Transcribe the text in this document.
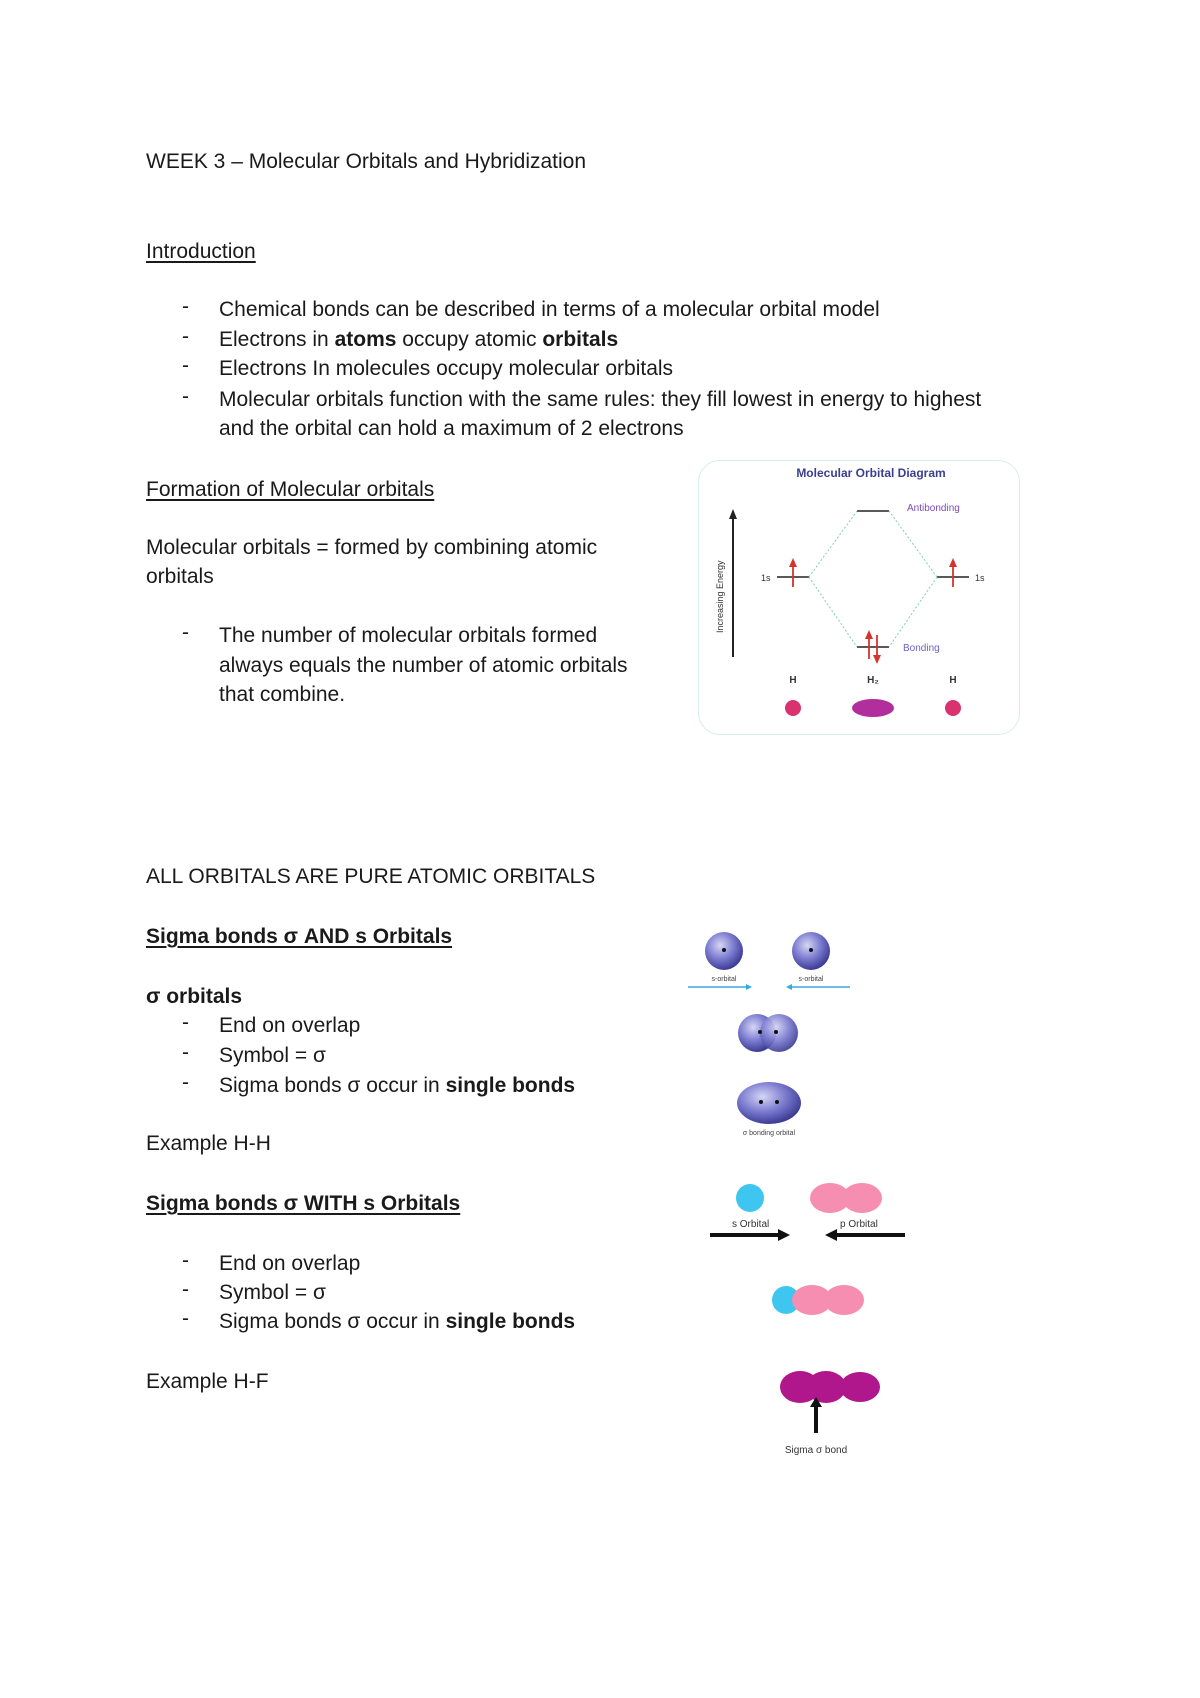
WEEK 3 – Molecular Orbitals and Hybridization
Introduction
- Chemical bonds can be described in terms of a molecular orbital model
- Electrons in atoms occupy atomic orbitals
- Electrons In molecules occupy molecular orbitals
- Molecular orbitals function with the same rules: they fill lowest in energy to highest
and the orbital can hold a maximum of 2 electrons
Formation of Molecular orbitals
Molecular orbitals = formed by combining atomic
orbitals
- The number of molecular orbitals formed
always equals the number of atomic orbitals
that combine.
Molecular Orbital Diagram
Increasing Energy
Antibonding
1s	1s
Bonding
H	H₂	H
ALL ORBITALS ARE PURE ATOMIC ORBITALS
Sigma bonds σ AND s Orbitals
σ orbitals
- End on overlap
- Symbol = σ
- Sigma bonds σ occur in single bonds
Example H-H
s-orbital	s-orbital
σ bonding orbital
Sigma bonds σ WITH s Orbitals
- End on overlap
- Symbol = σ
- Sigma bonds σ occur in single bonds
Example H-F
s Orbital	p Orbital
Sigma σ bond
